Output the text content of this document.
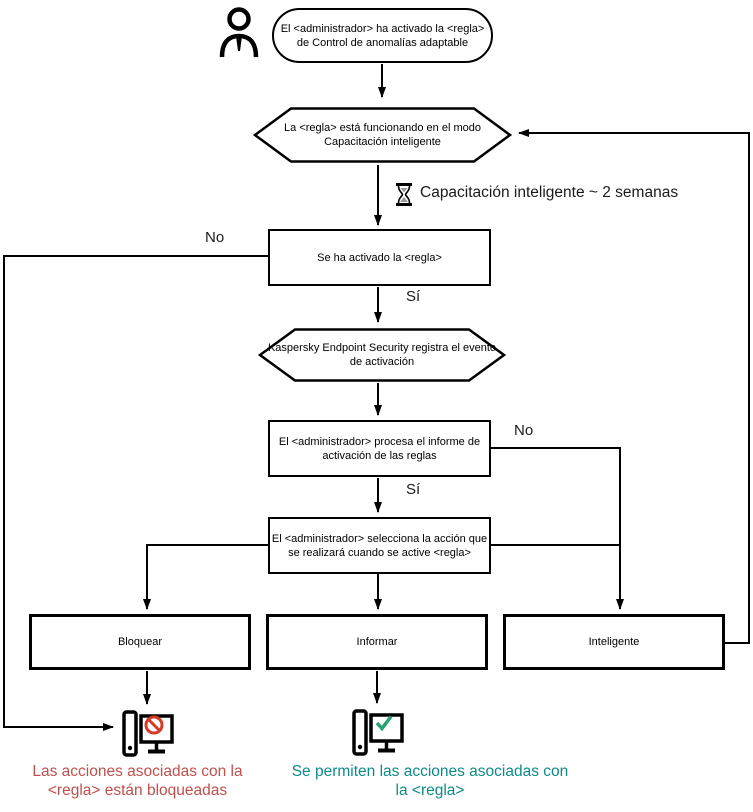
El <administrador> ha activado la <regla>
de Control de anomalías adaptable
La <regla> está funcionando en el modo
Capacitación inteligente
Capacitación inteligente ~ 2 semanas
Se ha activado la <regla>
No
Sí
No
Sí
Kaspersky Endpoint Security registra el evento
de activación
El <administrador> procesa el informe de
activación de las reglas
El <administrador> selecciona la acción que
se realizará cuando se active <regla>
Bloquear	Informar	Inteligente
Las acciones asociadas con la
<regla> están bloqueadas
Se permiten las acciones asociadas con
la <regla>
